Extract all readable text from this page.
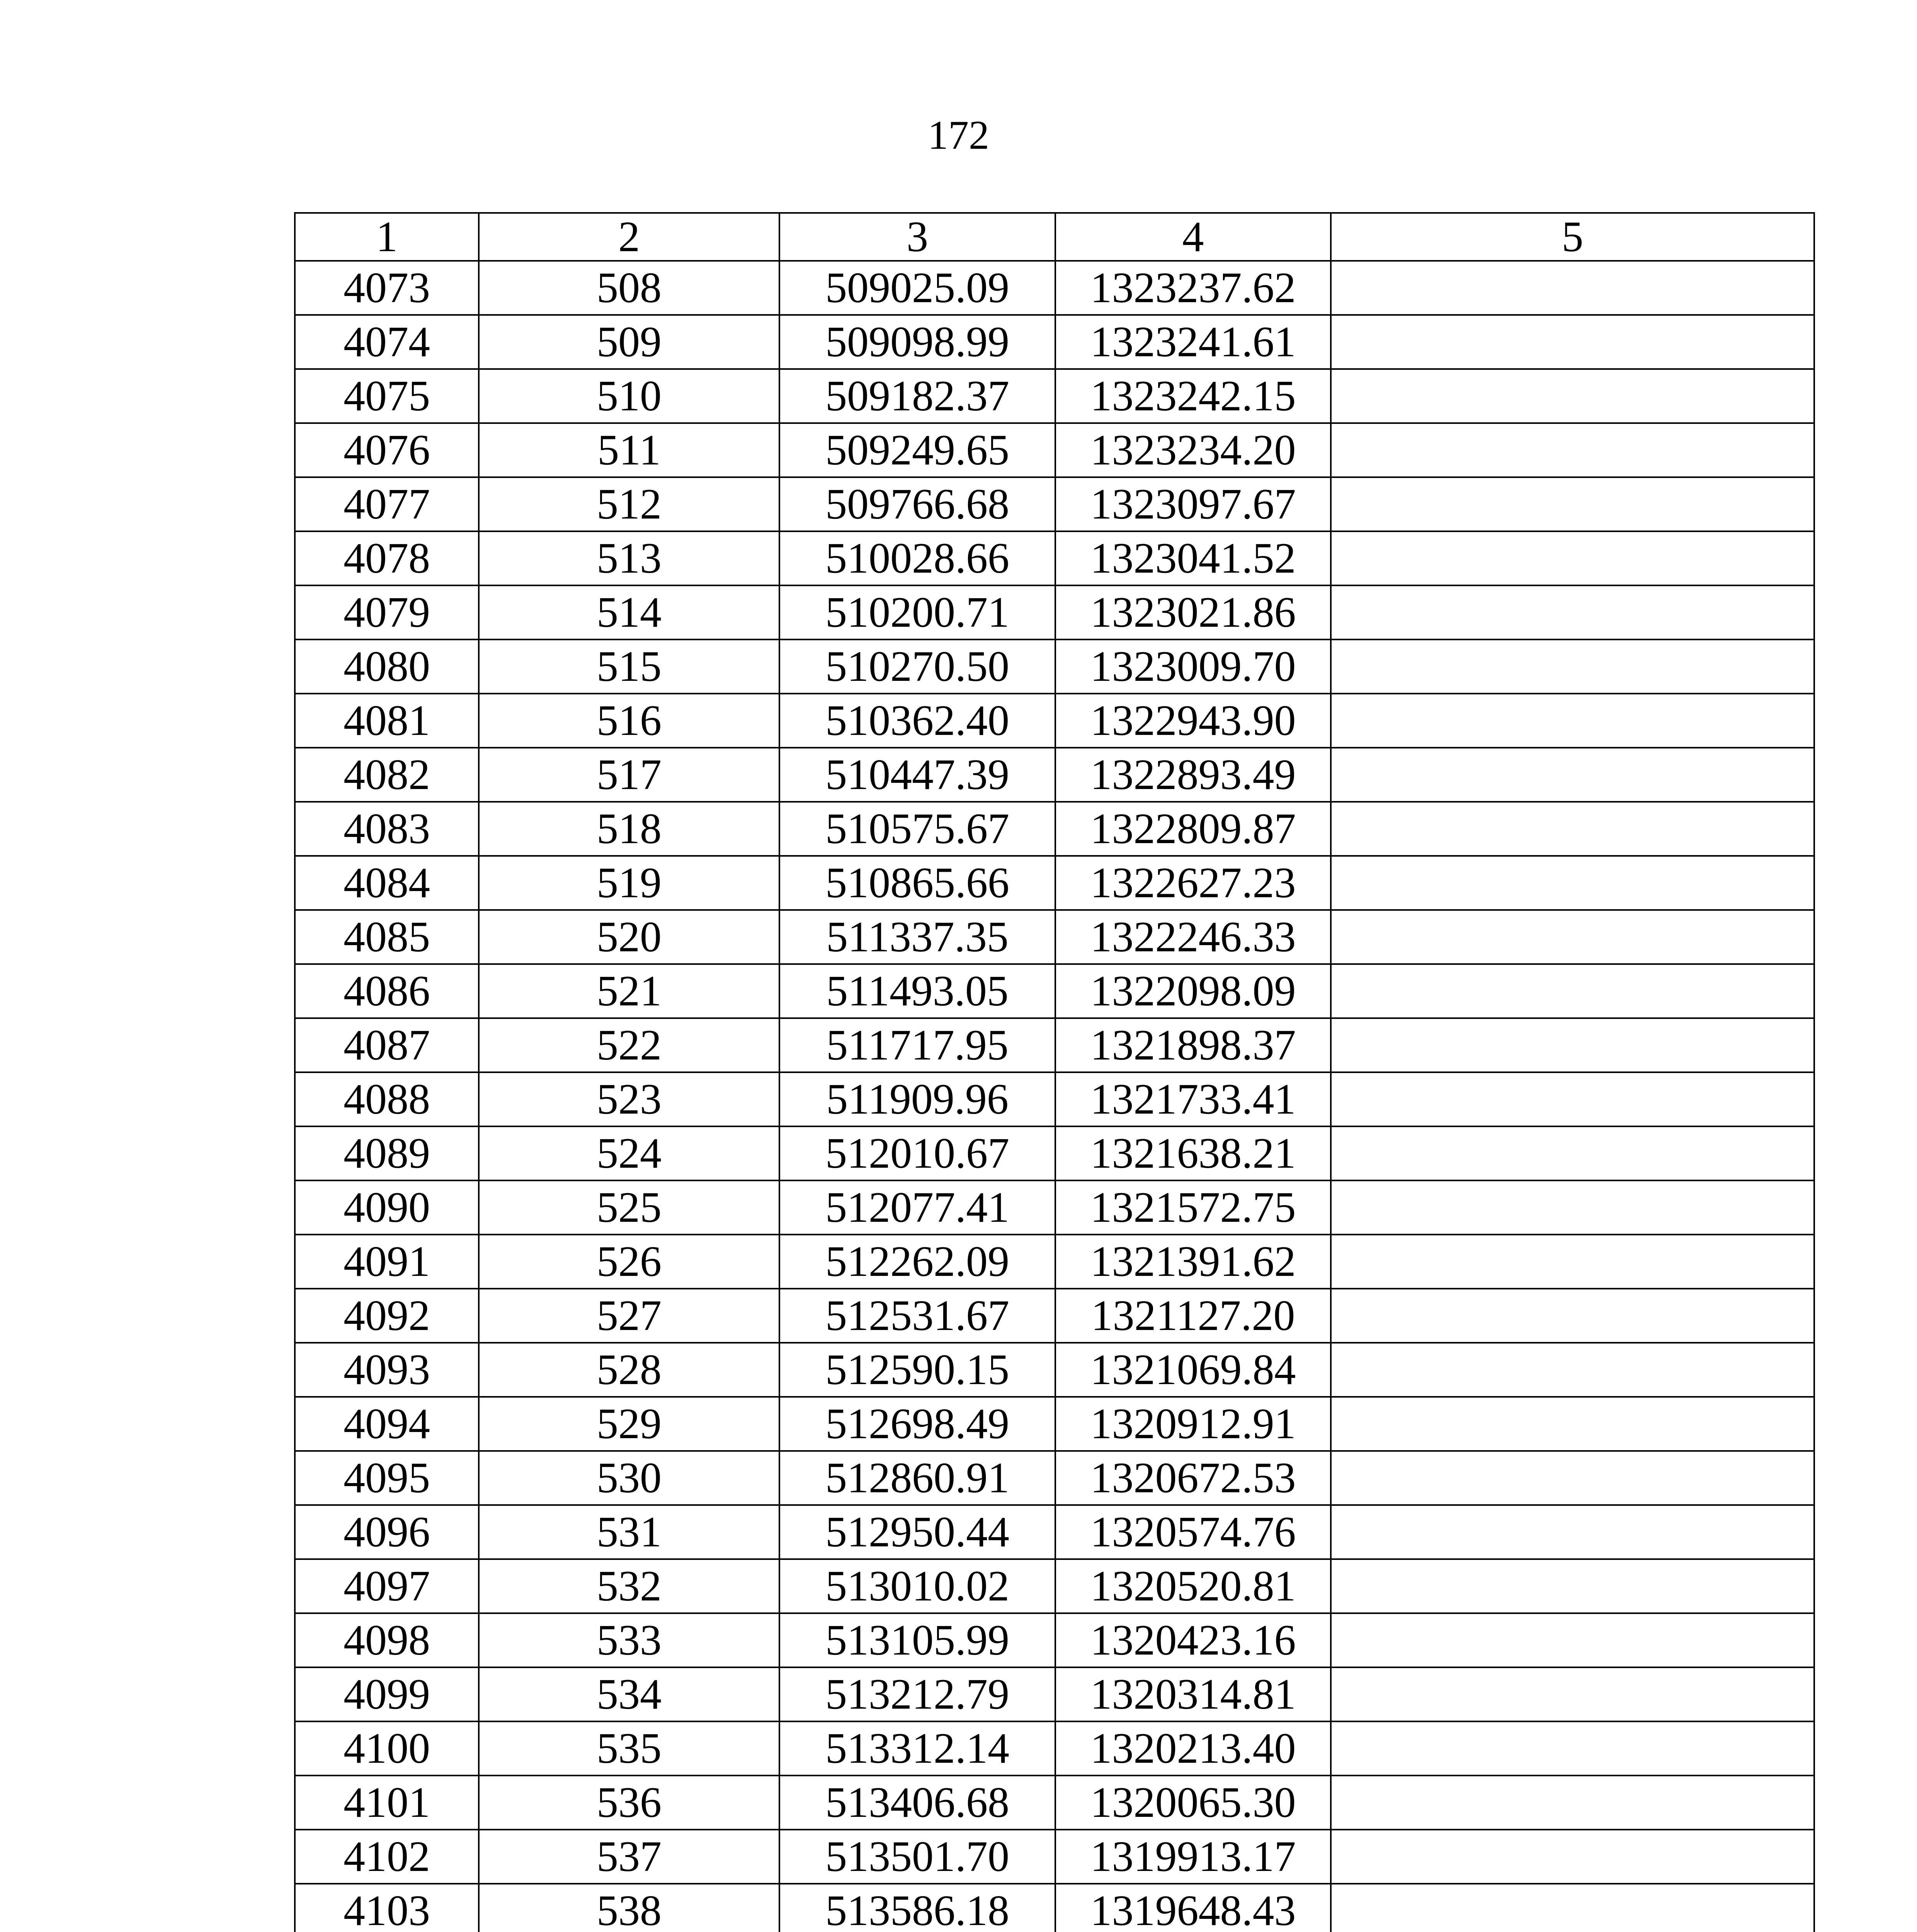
172
1	2	3	4	5
4073	508	509025.09	1323237.62	
4074	509	509098.99	1323241.61	
4075	510	509182.37	1323242.15	
4076	511	509249.65	1323234.20	
4077	512	509766.68	1323097.67	
4078	513	510028.66	1323041.52	
4079	514	510200.71	1323021.86	
4080	515	510270.50	1323009.70	
4081	516	510362.40	1322943.90	
4082	517	510447.39	1322893.49	
4083	518	510575.67	1322809.87	
4084	519	510865.66	1322627.23	
4085	520	511337.35	1322246.33	
4086	521	511493.05	1322098.09	
4087	522	511717.95	1321898.37	
4088	523	511909.96	1321733.41	
4089	524	512010.67	1321638.21	
4090	525	512077.41	1321572.75	
4091	526	512262.09	1321391.62	
4092	527	512531.67	1321127.20	
4093	528	512590.15	1321069.84	
4094	529	512698.49	1320912.91	
4095	530	512860.91	1320672.53	
4096	531	512950.44	1320574.76	
4097	532	513010.02	1320520.81	
4098	533	513105.99	1320423.16	
4099	534	513212.79	1320314.81	
4100	535	513312.14	1320213.40	
4101	536	513406.68	1320065.30	
4102	537	513501.70	1319913.17	
4103	538	513586.18	1319648.43	
